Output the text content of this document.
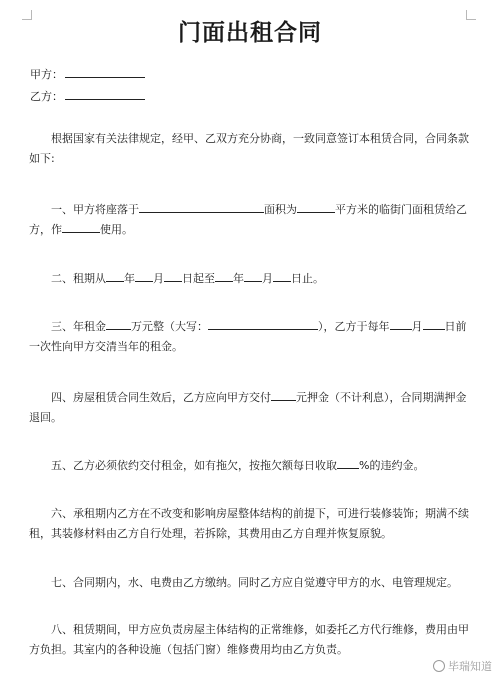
门面出租合同
甲方：
乙方：

根据国家有关法律规定，经甲、乙双方充分协商，一致同意签订本租赁合同，合同条款如下:

一、甲方将座落于	面积为	平方米的临街门面租赁给乙方，作	使用。

二、租期从 年 月 日起至 年 月 日止。

三、年租金 万元整（大写：	），乙方于每年 月 日前一次性向甲方交清当年的租金。

四、房屋租赁合同生效后，乙方应向甲方交付 元押金（不计利息），合同期满押金退回。

五、乙方必须依约交付租金，如有拖欠，按拖欠额每日收取 %的违约金。

六、承租期内乙方在不改变和影响房屋整体结构的前提下，可进行装修装饰；期满不续租，其装修材料由乙方自行处理，若拆除，其费用由乙方自理并恢复原貌。

七、合同期内，水、电费由乙方缴纳。同时乙方应自觉遵守甲方的水、电管理规定。

八、租赁期间，甲方应负责房屋主体结构的正常维修，如委托乙方代行维修，费用由甲方负担。其室内的各种设施（包括门窗）维修费用均由乙方负责。

毕瑞知道
